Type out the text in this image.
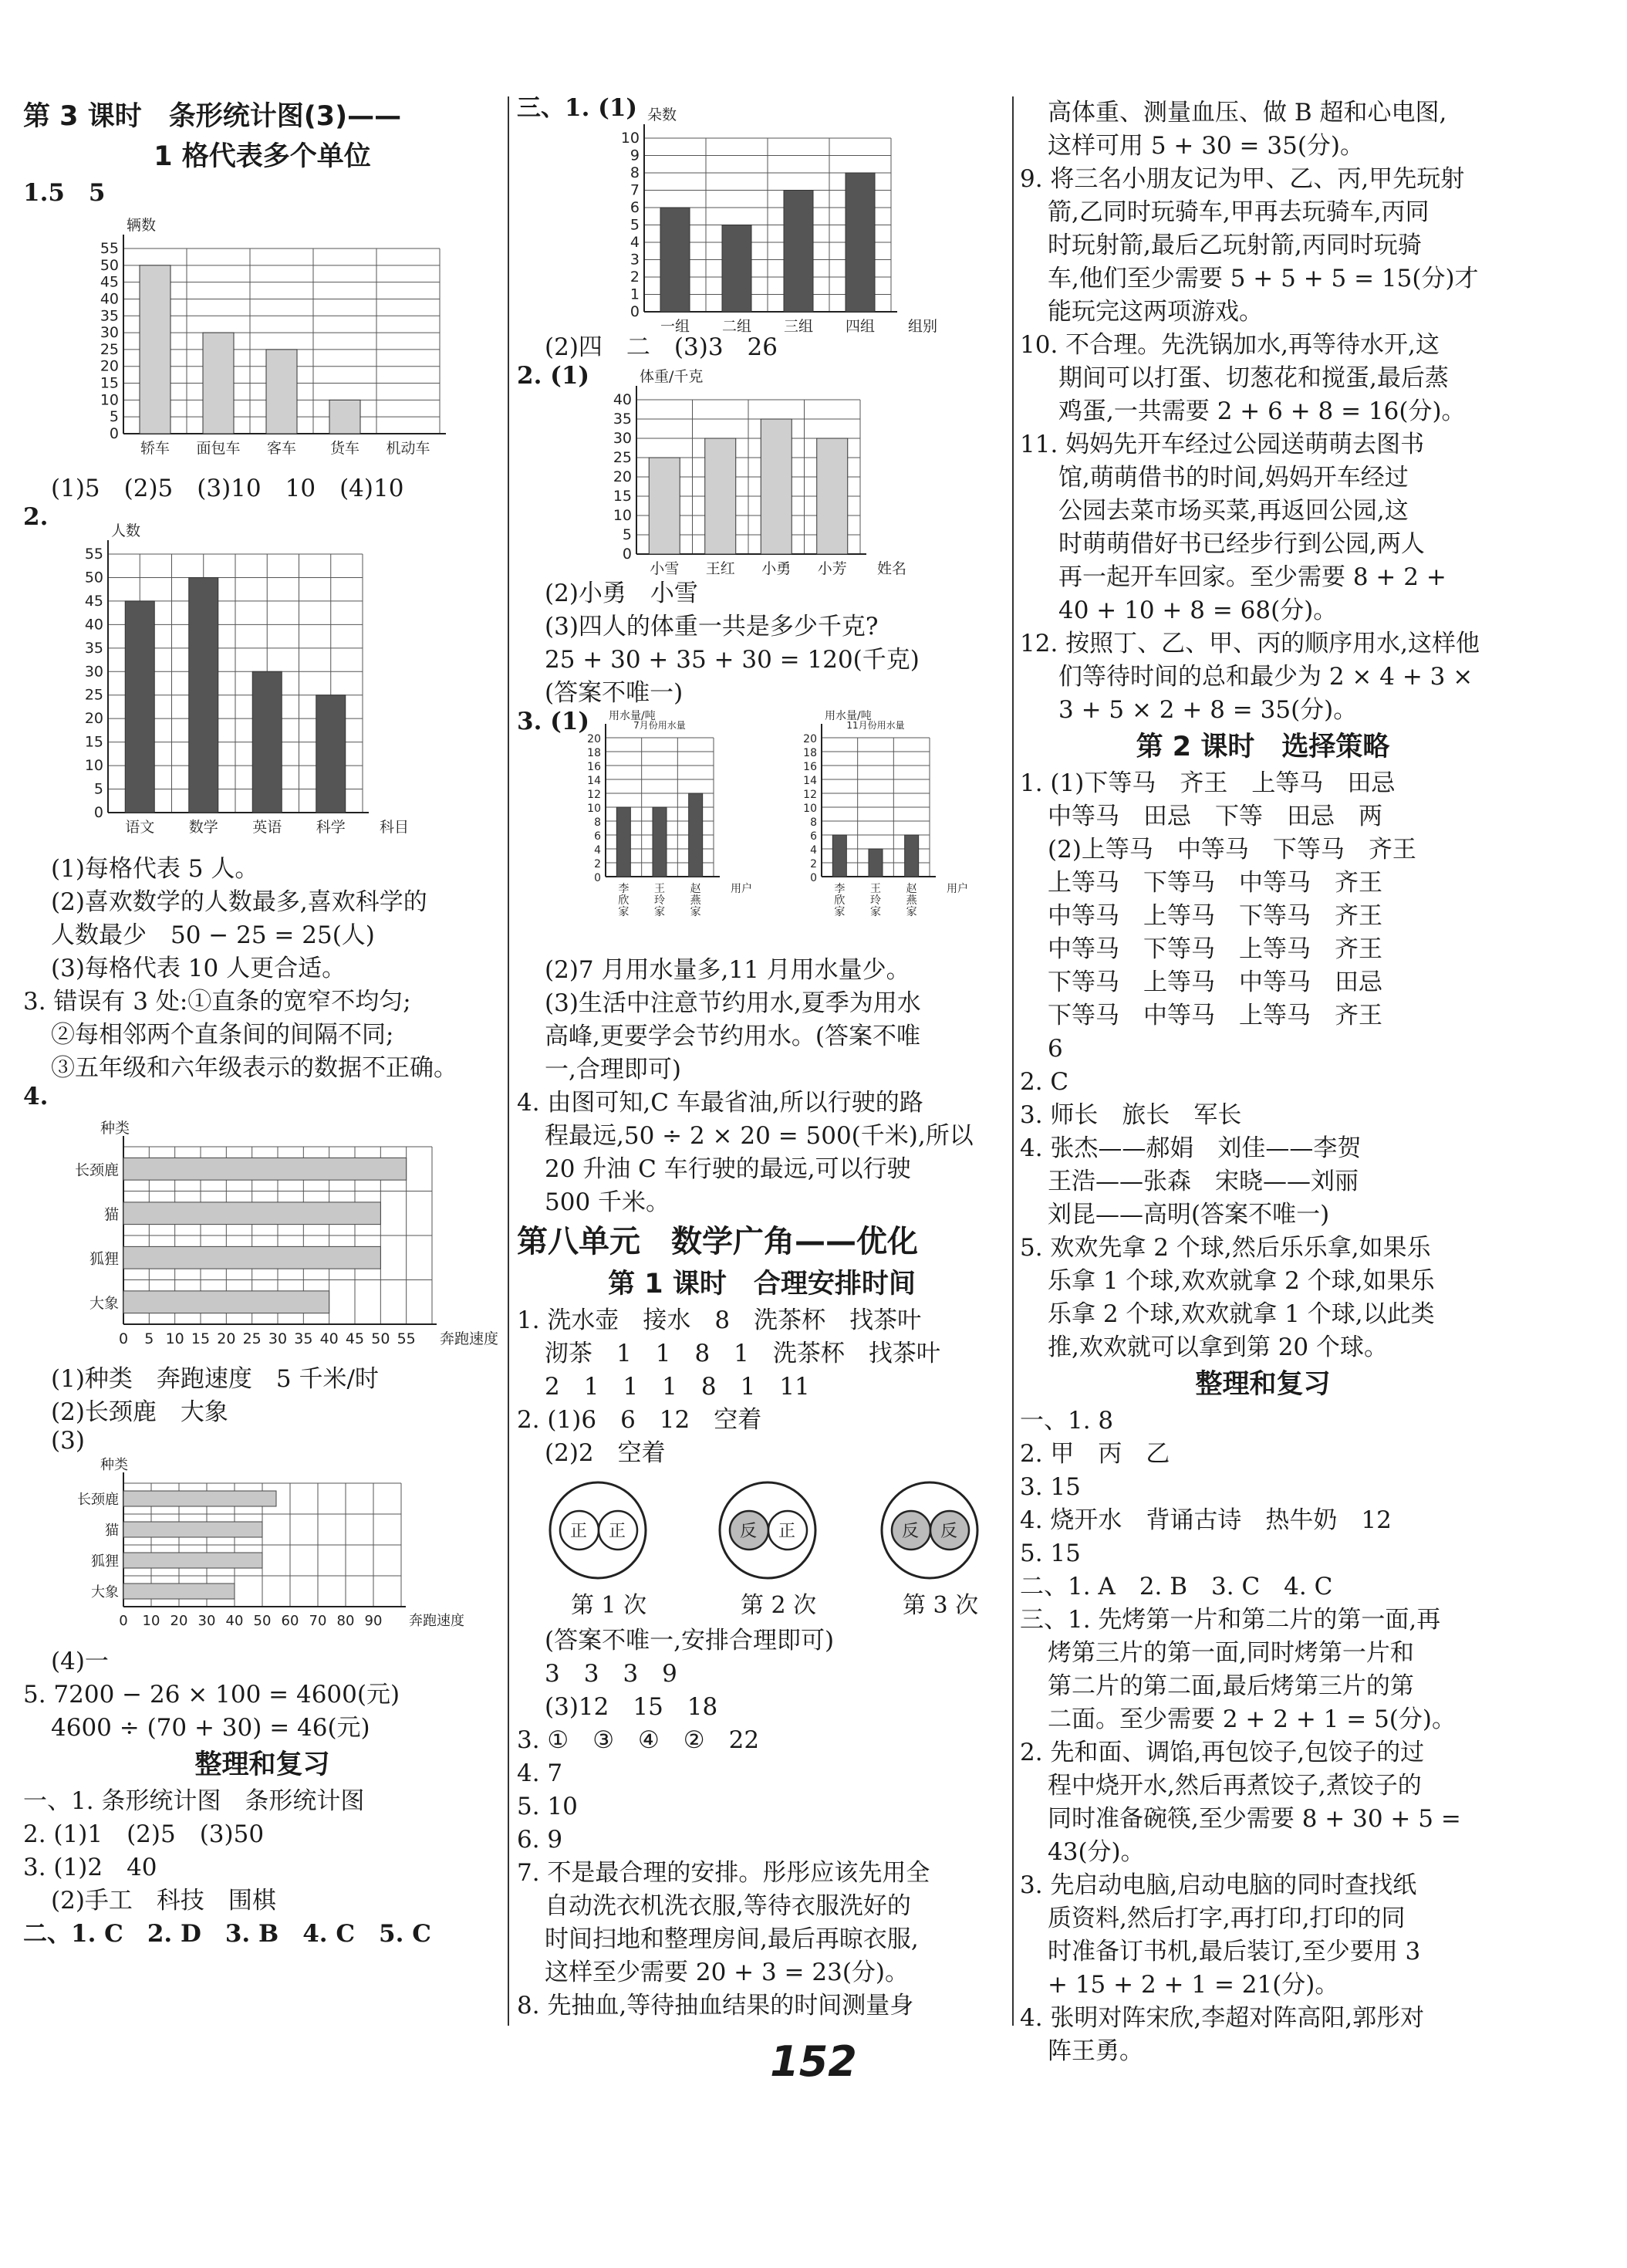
第 3 课时　条形统计图(3)——
1 格代表多个单位
1.5　5
0
5
10
15
20
25
30
35
40
45
50
55
轿车 面包车 客车 货车 机动车
辆数
(1)5　(2)5　(3)10　10　(4)10
2.
0
5
10
15
20
25
30
35
40
45
50
55
语文 数学 英语 科学
人数
科目
(1)每格代表 5 人。
(2)喜欢数学的人数最多,喜欢科学的
人数最少　50 − 25 = 25(人)
(3)每格代表 10 人更合适。
3. 错误有 3 处:①直条的宽窄不均匀;
②每相邻两个直条间的间隔不同;
③五年级和六年级表示的数据不正确。
4.
0 5 10 15 20 25 30 35 40 45 50 55
长颈鹿
猫
狐狸
大象
种类
奔跑速度
(1)种类　奔跑速度　5 千米/时
(2)长颈鹿　大象
(3)
0 10 20 30 40 50 60 70 80 90
长颈鹿
猫
狐狸
大象
种类
奔跑速度
(4)一
5. 7200 − 26 × 100 = 4600(元)
4600 ÷ (70 + 30) = 46(元)
整理和复习
一、1. 条形统计图　条形统计图
2. (1)1　(2)5　(3)50
3. (1)2　40
(2)手工　科技　围棋
二、1. C　2. D　3. B　4. C　5. C
三、1. (1)
0
1
2
3
4
5
6
7
8
9
10
一组 二组 三组 四组
朵数
组别
(2)四　二　(3)3　26
2. (1)
0
5
10
15
20
25
30
35
40
小雪 王红 小勇 小芳
体重/千克
姓名
(2)小勇　小雪
(3)四人的体重一共是多少千克?
25 + 30 + 35 + 30 = 120(千克)
(答案不唯一)
3. (1)
0
2
4
6
8
10
12
14
16
18
20
李欣家
王玲家
赵燕家
用水量/吨
用户
7月份用水量
0
2
4
6
8
10
12
14
16
18
20
李欣家
王玲家
赵燕家
用水量/吨
用户
11月份用水量
(2)7 月用水量多,11 月用水量少。
(3)生活中注意节约用水,夏季为用水
高峰,更要学会节约用水。(答案不唯
一,合理即可)
4. 由图可知,C 车最省油,所以行驶的路
程最远,50 ÷ 2 × 20 = 500(千米),所以
20 升油 C 车行驶的最远,可以行驶
500 千米。
第八单元　数学广角——优化
第 1 课时　合理安排时间
1. 洗水壶　接水　8　洗茶杯　找茶叶
沏茶　1　1　8　1　洗茶杯　找茶叶
2　1　1　1　8　1　11
2. (1)6　6　12　空着
(2)2　空着
正 正	反 正	反 反
第 1 次	第 2 次	第 3 次
(答案不唯一,安排合理即可)
3　3　3　9
(3)12　15　18
3. ①　③　④　②　22
4. 7
5. 10
6. 9
7. 不是最合理的安排。彤彤应该先用全
自动洗衣机洗衣服,等待衣服洗好的
时间扫地和整理房间,最后再晾衣服,
这样至少需要 20 + 3 = 23(分)。
8. 先抽血,等待抽血结果的时间测量身
高体重、测量血压、做 B 超和心电图,
这样可用 5 + 30 = 35(分)。
9. 将三名小朋友记为甲、乙、丙,甲先玩射
箭,乙同时玩骑车,甲再去玩骑车,丙同
时玩射箭,最后乙玩射箭,丙同时玩骑
车,他们至少需要 5 + 5 + 5 = 15(分)才
能玩完这两项游戏。
10. 不合理。先洗锅加水,再等待水开,这
期间可以打蛋、切葱花和搅蛋,最后蒸
鸡蛋,一共需要 2 + 6 + 8 = 16(分)。
11. 妈妈先开车经过公园送萌萌去图书
馆,萌萌借书的时间,妈妈开车经过
公园去菜市场买菜,再返回公园,这
时萌萌借好书已经步行到公园,两人
再一起开车回家。至少需要 8 + 2 +
40 + 10 + 8 = 68(分)。
12. 按照丁、乙、甲、丙的顺序用水,这样他
们等待时间的总和最少为 2 × 4 + 3 ×
3 + 5 × 2 + 8 = 35(分)。
第 2 课时　选择策略
1. (1)下等马　齐王　上等马　田忌
中等马　田忌　下等　田忌　两
(2)上等马　中等马　下等马　齐王
上等马　下等马　中等马　齐王
中等马　上等马　下等马　齐王
中等马　下等马　上等马　齐王
下等马　上等马　中等马　田忌
下等马　中等马　上等马　齐王
6
2. C
3. 师长　旅长　军长
4. 张杰——郝娟　刘佳——李贺
王浩——张森　宋晓——刘丽
刘昆——高明(答案不唯一)
5. 欢欢先拿 2 个球,然后乐乐拿,如果乐
乐拿 1 个球,欢欢就拿 2 个球,如果乐
乐拿 2 个球,欢欢就拿 1 个球,以此类
推,欢欢就可以拿到第 20 个球。
整理和复习
一、1. 8
2. 甲　丙　乙
3. 15
4. 烧开水　背诵古诗　热牛奶　12
5. 15
二、1. A　2. B　3. C　4. C
三、1. 先烤第一片和第二片的第一面,再
烤第三片的第一面,同时烤第一片和
第二片的第二面,最后烤第三片的第
二面。至少需要 2 + 2 + 1 = 5(分)。
2. 先和面、调馅,再包饺子,包饺子的过
程中烧开水,然后再煮饺子,煮饺子的
同时准备碗筷,至少需要 8 + 30 + 5 =
43(分)。
3. 先启动电脑,启动电脑的同时查找纸
质资料,然后打字,再打印,打印的同
时准备订书机,最后装订,至少要用 3
+ 15 + 2 + 1 = 21(分)。
4. 张明对阵宋欣,李超对阵高阳,郭彤对
阵王勇。
152
